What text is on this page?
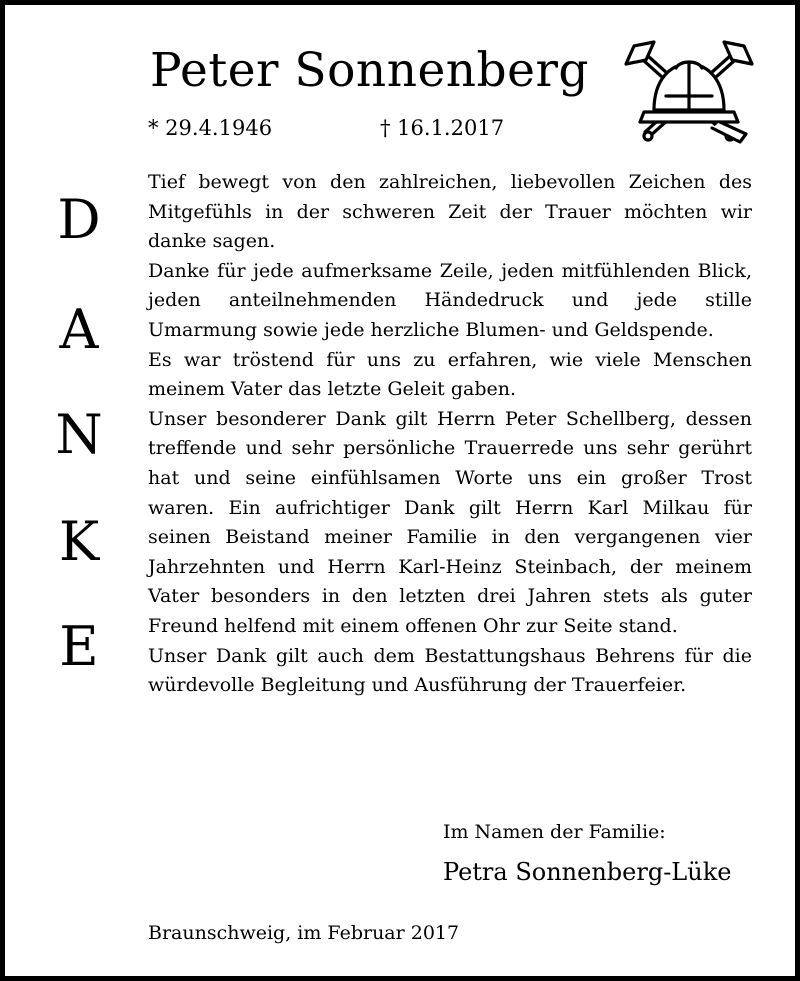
Peter Sonnenberg
* 29.4.1946	† 16.1.2017
D
A
N
K
E

Tief bewegt von den zahlreichen, liebevollen Zeichen des Mitgefühls in der schweren Zeit der Trauer möchten wir danke sagen.

Danke für jede aufmerksame Zeile, jeden mitfühlenden Blick, jeden anteilnehmenden Händedruck und jede stille Umarmung sowie jede herzliche Blumen- und Geldspende.

Es war tröstend für uns zu erfahren, wie viele Menschen meinem Vater das letzte Geleit gaben.

Unser besonderer Dank gilt Herrn Peter Schellberg, dessen treffende und sehr persönliche Trauerrede uns sehr gerührt hat und seine einfühlsamen Worte uns ein großer Trost waren. Ein aufrichtiger Dank gilt Herrn Karl Milkau für seinen Beistand meiner Familie in den vergangenen vier Jahrzehnten und Herrn Karl-Heinz Steinbach, der meinem Vater besonders in den letzten drei Jahren stets als guter Freund helfend mit einem offenen Ohr zur Seite stand.

Unser Dank gilt auch dem Bestattungshaus Behrens für die würdevolle Begleitung und Ausführung der Trauerfeier.

Im Namen der Familie:
Petra Sonnenberg-Lüke
Braunschweig, im Februar 2017
